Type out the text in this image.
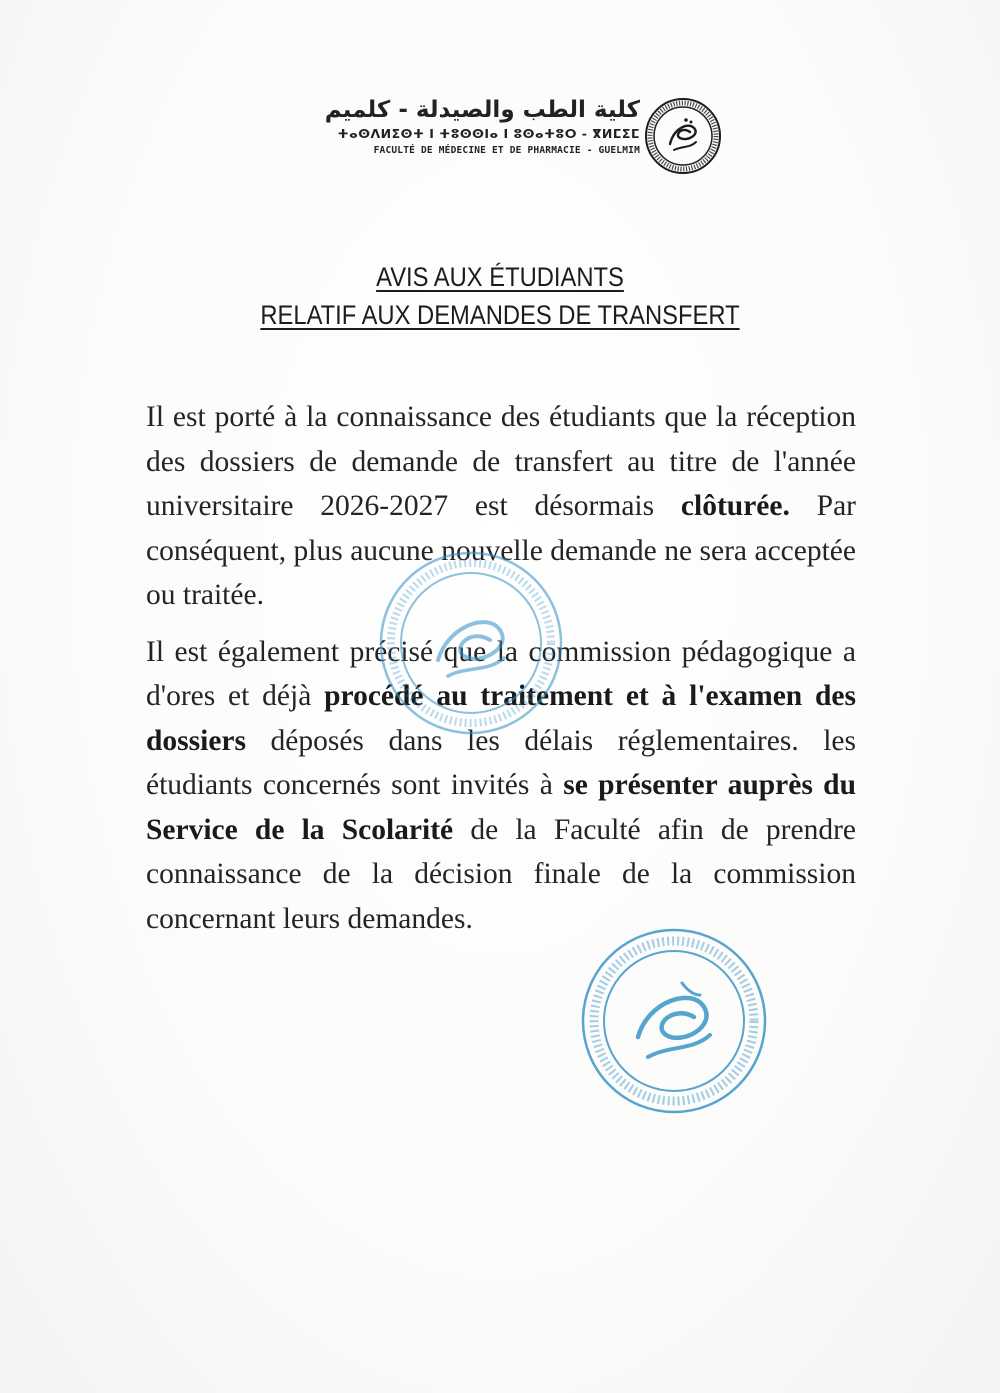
كلية الطب والصيدلة - كلميم
ⵜⴰⵙⴷⵍⵉⵙⵜ ⵏ ⵜⵓⵙⵙⵏⴰ ⵏ ⵓⵙⴰⵜⵓⵔ - ⴳⵍⵎⵉⵎ
FACULTÉ DE MÉDECINE ET DE PHARMACIE - GUELMIM
AVIS AUX ÉTUDIANTS
RELATIF AUX DEMANDES DE TRANSFERT

Il est porté à la connaissance des étudiants que la réception des dossiers de demande de transfert au titre de l'année universitaire 2026-2027 est désormais clôturée. Par conséquent, plus aucune nouvelle demande ne sera acceptée ou traitée.

Il est également précisé que la commission pédagogique a d'ores et déjà procédé au traitement et à l'examen des dossiers déposés dans les délais réglementaires. les étudiants concernés sont invités à se présenter auprès du Service de la Scolarité de la Faculté afin de prendre connaissance de la décision finale de la commission concernant leurs demandes.
